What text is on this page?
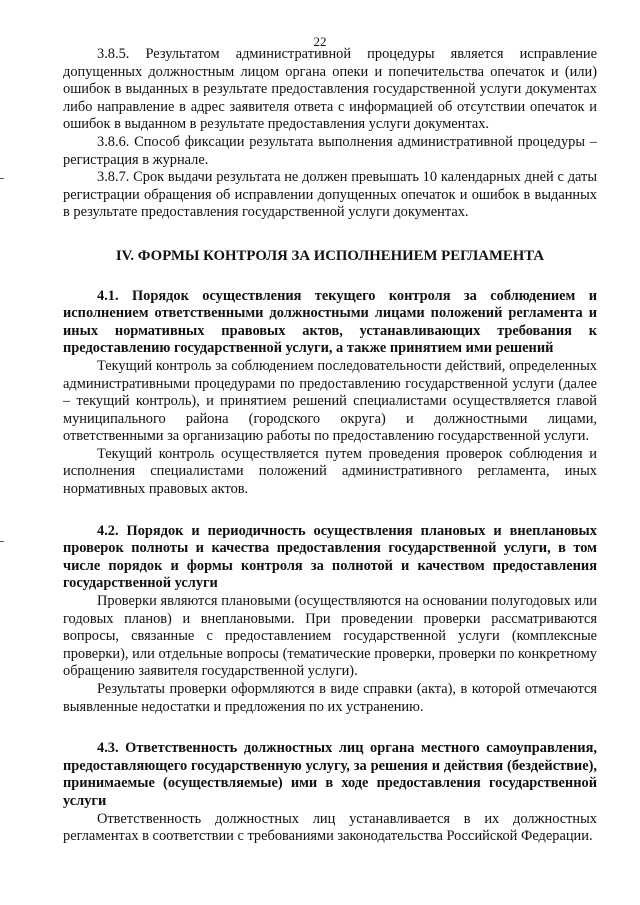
22

3.8.5. Результатом административной процедуры является исправление допущенных должностным лицом органа опеки и попечительства опечаток и (или) ошибок в выданных в результате предоставления государственной услуги документах либо направление в адрес заявителя ответа с информацией об отсутствии опечаток и ошибок в выданном в результате предоставления услуги документах.

3.8.6. Способ фиксации результата выполнения административной процедуры – регистрация в журнале.

3.8.7. Срок выдачи результата не должен превышать 10 календарных дней с даты регистрации обращения об исправлении допущенных опечаток и ошибок в выданных в результате предоставления государственной услуги документах.

IV. ФОРМЫ КОНТРОЛЯ ЗА ИСПОЛНЕНИЕМ РЕГЛАМЕНТА

4.1. Порядок осуществления текущего контроля за соблюдением и исполнением ответственными должностными лицами положений регламента и иных нормативных правовых актов, устанавливающих требования к предоставлению государственной услуги, а также принятием ими решений

Текущий контроль за соблюдением последовательности действий, определенных административными процедурами по предоставлению государственной услуги (далее – текущий контроль), и принятием решений специалистами осуществляется главой муниципального района (городского округа) и должностными лицами, ответственными за организацию работы по предоставлению государственной услуги.

Текущий контроль осуществляется путем проведения проверок соблюдения и исполнения специалистами положений административного регламента, иных нормативных правовых актов.

4.2. Порядок и периодичность осуществления плановых и внеплановых проверок полноты и качества предоставления государственной услуги, в том числе порядок и формы контроля за полнотой и качеством предоставления государственной услуги

Проверки являются плановыми (осуществляются на основании полугодовых или годовых планов) и внеплановыми. При проведении проверки рассматриваются вопросы, связанные с предоставлением государственной услуги (комплексные проверки), или отдельные вопросы (тематические проверки, проверки по конкретному обращению заявителя государственной услуги).

Результаты проверки оформляются в виде справки (акта), в которой отмечаются выявленные недостатки и предложения по их устранению.

4.3. Ответственность должностных лиц органа местного самоуправления, предоставляющего государственную услугу, за решения и действия (бездействие), принимаемые (осуществляемые) ими в ходе предоставления государственной услуги

Ответственность должностных лиц устанавливается в их должностных регламентах в соответствии с требованиями законодательства Российской Федерации.
